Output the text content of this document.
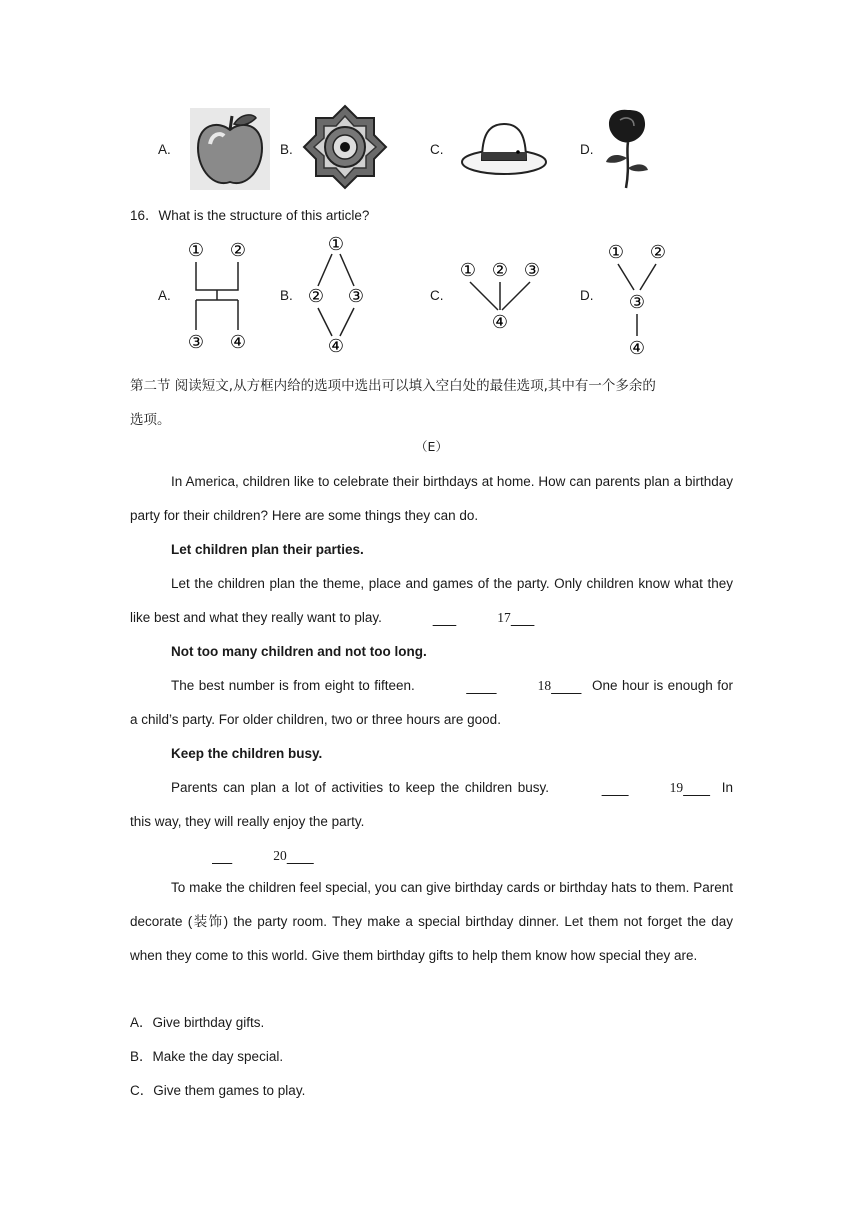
A.	B.	C.	D.
16．What is the structure of this article?
A.
① ②
③ ④
B.
①
② ③
④
C.
① ② ③
④
D.
① ②
③
④
第二节 阅读短文,从方框内给的选项中选出可以填入空白处的最佳选项,其中有一个多余的
选项。
（E）
In America, children like to celebrate their birthdays at home. How can parents plan a birthday party for their children? Here are some things they can do.
Let children plan their parties.
Let the children plan the theme, place and games of the party. Only children know what they like best and what they really want to play.	17
Not too many children and not too long.
The best number is from eight to fifteen.	18	One hour is enough for a child’s party. For older children, two or three hours are good.
Keep the children busy.
Parents can plan a lot of activities to keep the children busy.	19	In this way, they will really enjoy the party.
20
To make the children feel special, you can give birthday cards or birthday hats to them. Parent decorate (装饰) the party room. They make a special birthday dinner. Let them not forget the day when they come to this world. Give them birthday gifts to help them know how special they are.
A．Give birthday gifts.
B．Make the day special.
C．Give them games to play.
